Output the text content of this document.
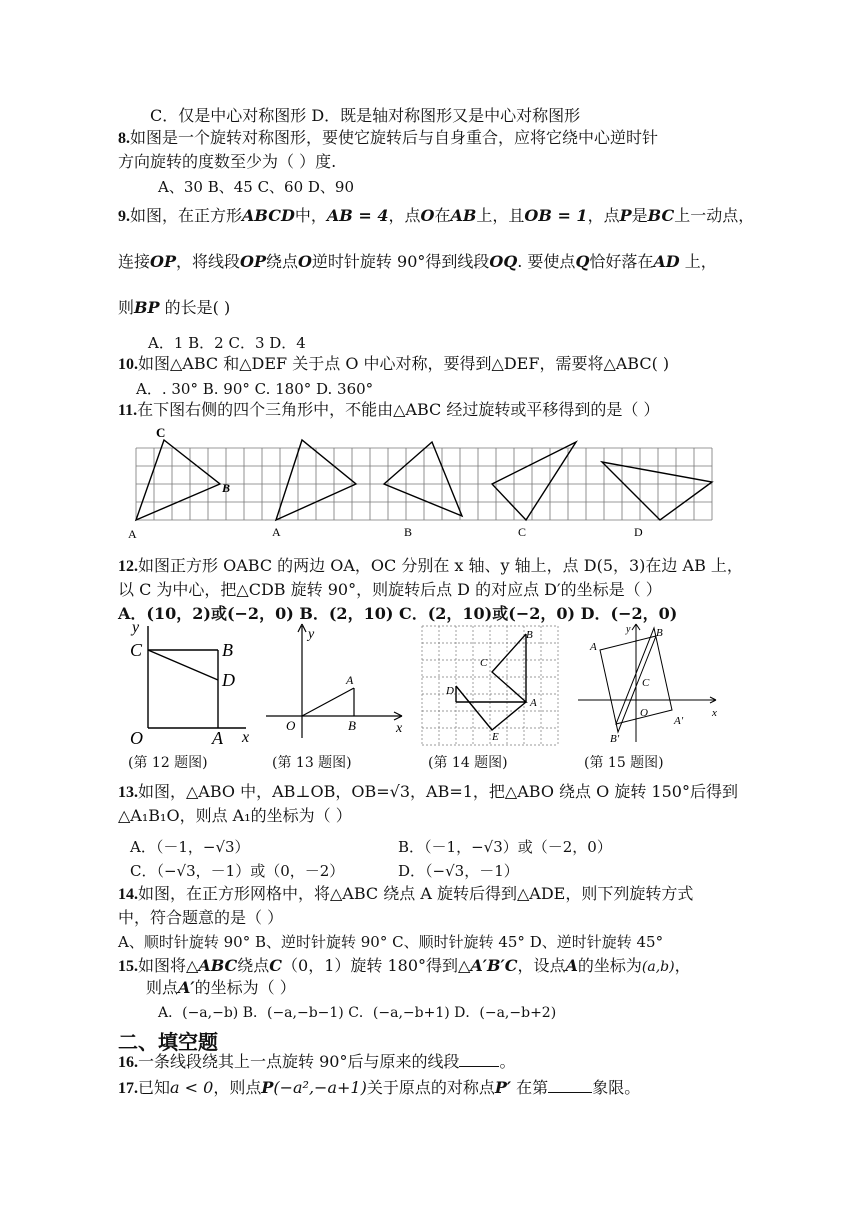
C．仅是中心对称图形 D．既是轴对称图形又是中心对称图形
8.如图是一个旋转对称图形，要使它旋转后与自身重合，应将它绕中心逆时针
方向旋转的度数至少为（ ）度.
A、30 B、45 C、60 D、90
9.如图，在正方形ABCD中，AB = 4，点O在AB上，且OB = 1，点P是BC上一动点，
连接OP，将线段OP绕点O逆时针旋转 90°得到线段OQ. 要使点Q恰好落在AD 上，
则BP 的长是( )
A．1 B．2 C．3 D．4
10.如图△ABC 和△DEF 关于点 O 中心对称，要得到△DEF，需要将△ABC( )
A．. 30° B. 90° C. 180° D. 360°
11.在下图右侧的四个三角形中，不能由△ABC 经过旋转或平移得到的是（ ）
C
B
A	A	B	C	D
12.如图正方形 OABC 的两边 OA，OC 分别在 x 轴、y 轴上，点 D(5，3)在边 AB 上，
以 C 为中心，把△CDB 旋转 90°，则旋转后点 D 的对应点 D′的坐标是（ ）
A．(10，2)或(−2，0) B．(2，10) C．(2，10)或(−2，0) D．(−2，0)
y
C	B
D
O	A x
(第 12 题图)
y
A
O	B	x
(第 13 题图)
B
C
D
A
E
(第 14 题图)
y B
A
C
O
A′
B′
x
(第 15 题图)
13.如图，△ABO 中，AB⊥OB，OB=√3，AB=1，把△ABO 绕点 O 旋转 150°后得到
△A₁B₁O，则点 A₁的坐标为（ ）
A．（－1，−√3）	B．（－1，−√3）或（－2，0）
C．（−√3，－1）或（0，－2）	D．（−√3，－1）
14.如图，在正方形网格中，将△ABC 绕点 A 旋转后得到△ADE，则下列旋转方式
中，符合题意的是（ ）
A、顺时针旋转 90° B、逆时针旋转 90° C、顺时针旋转 45° D、逆时针旋转 45°
15.如图将△ABC绕点C（0，1）旋转 180°得到△A′B′C，设点A的坐标为(a,b)，
则点A′的坐标为（ ）
A．(−a,−b) B．(−a,−b−1) C．(−a,−b+1) D．(−a,−b+2)
二、填空题
16.一条线段绕其上一点旋转 90°后与原来的线段	。
17.已知a < 0，则点P(−a²,−a+1)关于原点的对称点P′ 在第	象限。
